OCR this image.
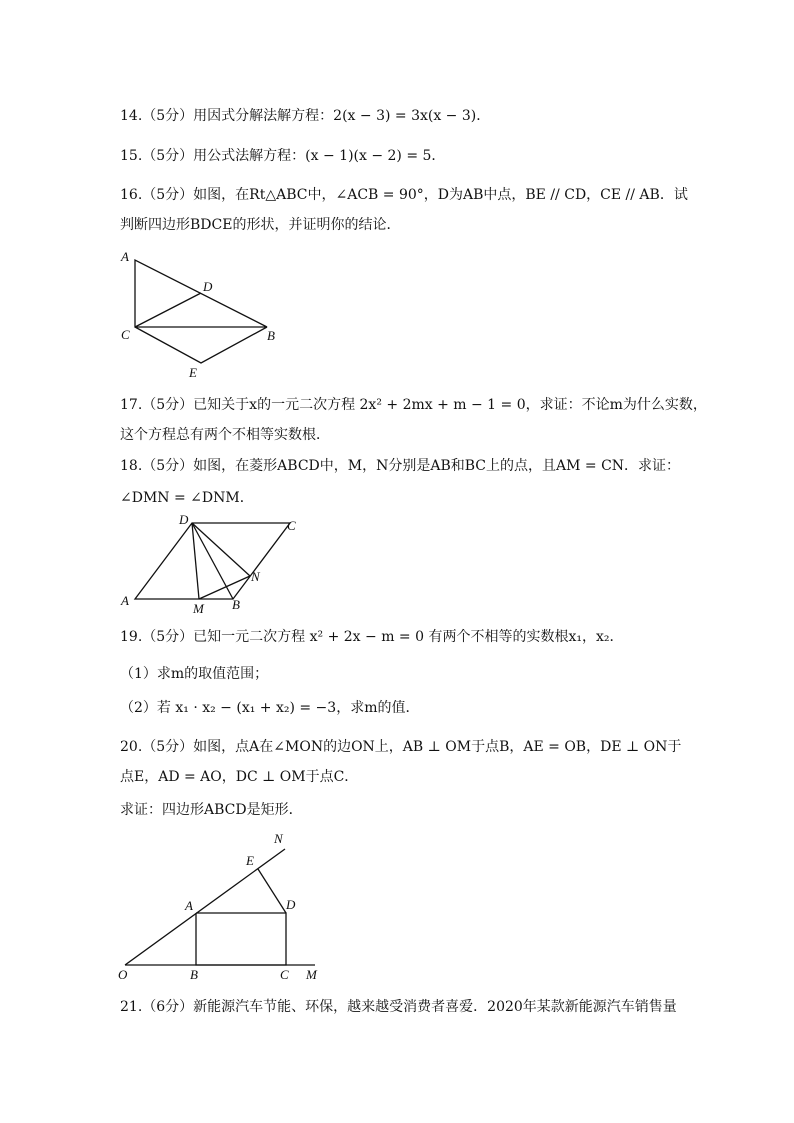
14.（5分）用因式分解法解方程：2(x − 3) = 3x(x − 3)．
15.（5分）用公式法解方程：(x − 1)(x − 2) = 5．
16.（5分）如图，在Rt△ABC中，∠ACB = 90°，D为AB中点，BE // CD，CE // AB．试
判断四边形BDCE的形状，并证明你的结论．
A
D
C	B
E
17.（5分）已知关于x的一元二次方程 2x² + 2mx + m − 1 = 0，求证：不论m为什么实数，
这个方程总有两个不相等实数根．
18.（5分）如图，在菱形ABCD中，M，N分别是AB和BC上的点，且AM = CN．求证：
∠DMN = ∠DNM．
D	C
N
A
M B
19.（5分）已知一元二次方程 x² + 2x − m = 0 有两个不相等的实数根x₁，x₂．
（1）求m的取值范围；
（2）若 x₁ · x₂ − (x₁ + x₂) = −3，求m的值．
20.（5分）如图，点A在∠MON的边ON上，AB ⊥ OM于点B，AE = OB，DE ⊥ ON于
点E，AD = AO，DC ⊥ OM于点C．
求证：四边形ABCD是矩形．
N
E
A	D
O	B	C M
21.（6分）新能源汽车节能、环保，越来越受消费者喜爱．2020年某款新能源汽车销售量
